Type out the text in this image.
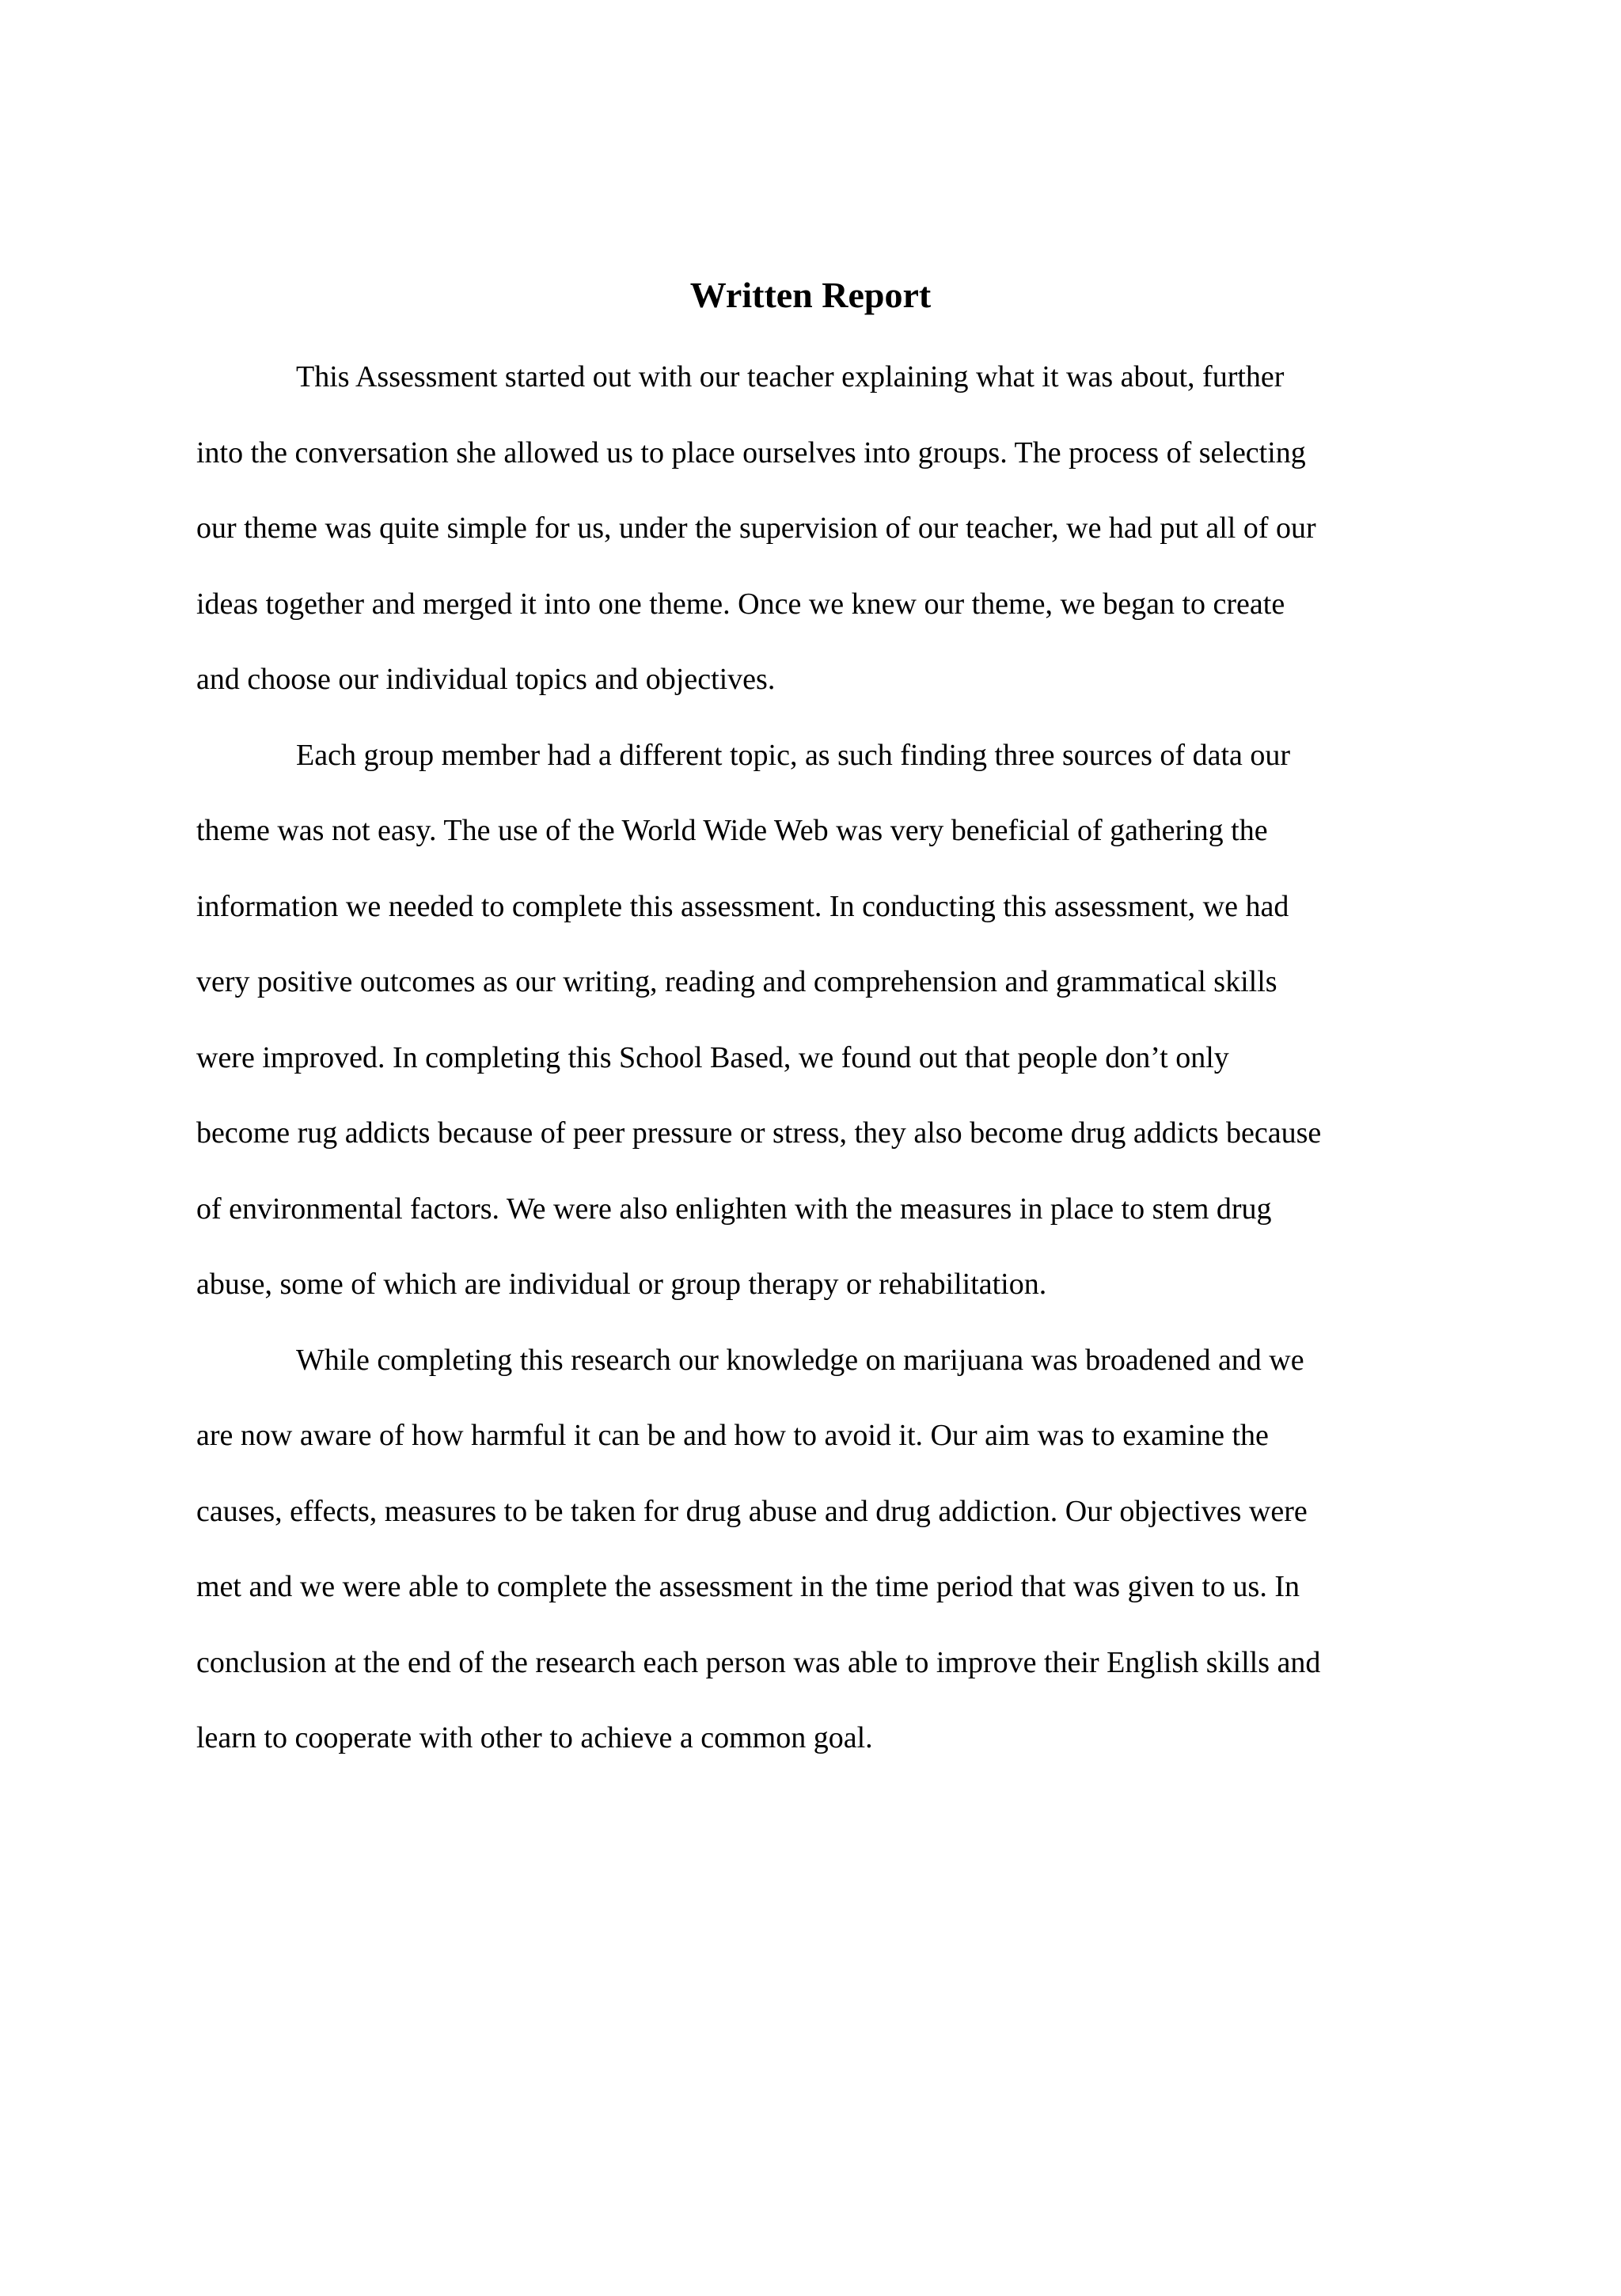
Written Report
This Assessment started out with our teacher explaining what it was about, further
into the conversation she allowed us to place ourselves into groups. The process of selecting
our theme was quite simple for us, under the supervision of our teacher, we had put all of our
ideas together and merged it into one theme. Once we knew our theme, we began to create
and choose our individual topics and objectives.
Each group member had a different topic, as such finding three sources of data our
theme was not easy. The use of the World Wide Web was very beneficial of gathering the
information we needed to complete this assessment. In conducting this assessment, we had
very positive outcomes as our writing, reading and comprehension and grammatical skills
were improved. In completing this School Based, we found out that people don’t only
become rug addicts because of peer pressure or stress, they also become drug addicts because
of environmental factors. We were also enlighten with the measures in place to stem drug
abuse, some of which are individual or group therapy or rehabilitation.
While completing this research our knowledge on marijuana was broadened and we
are now aware of how harmful it can be and how to avoid it. Our aim was to examine the
causes, effects, measures to be taken for drug abuse and drug addiction. Our objectives were
met and we were able to complete the assessment in the time period that was given to us. In
conclusion at the end of the research each person was able to improve their English skills and
learn to cooperate with other to achieve a common goal.
